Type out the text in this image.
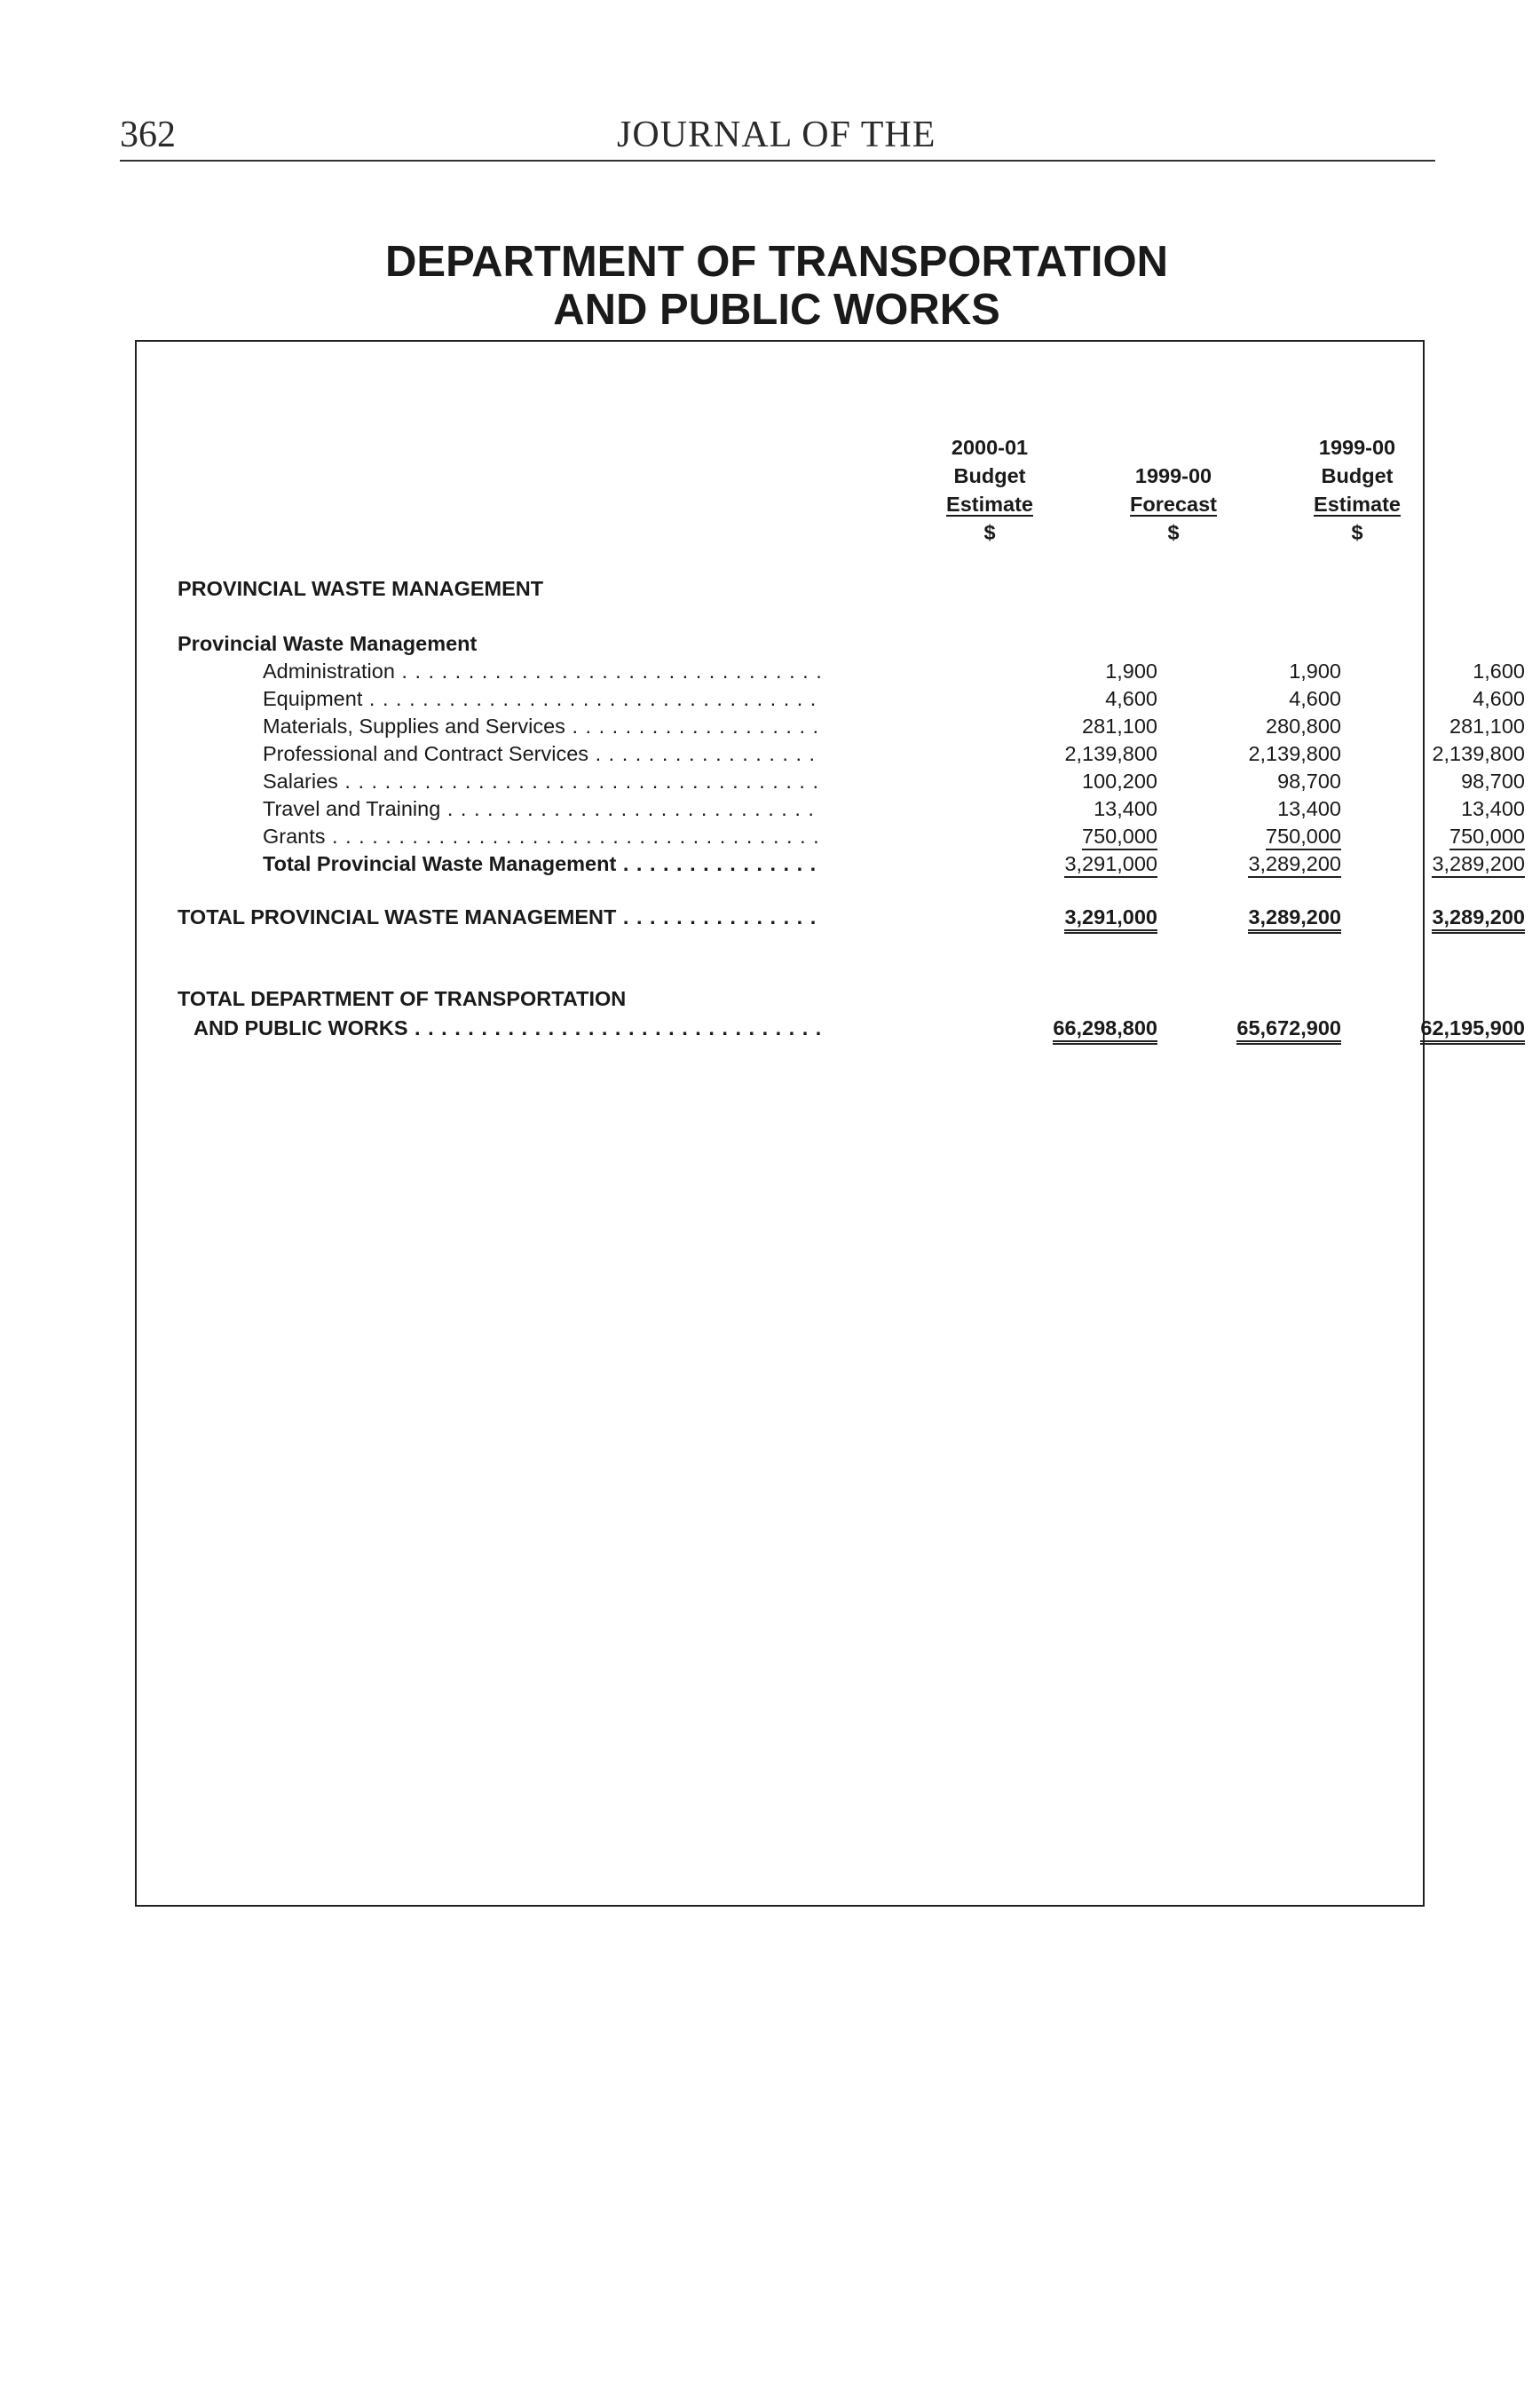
362	JOURNAL OF THE
DEPARTMENT OF TRANSPORTATION
AND PUBLIC WORKS
2000-01
Budget
Estimate
$
1999-00
Forecast
$
1999-00
Budget
Estimate
$
PROVINCIAL WASTE MANAGEMENT
Provincial Waste Management
Administration . . .	1,900	1,900	1,600
Equipment . . .	4,600	4,600	4,600
Materials, Supplies and Services . . .	281,100	280,800	281,100
Professional and Contract Services . . .	2,139,800	2,139,800	2,139,800
Salaries . . .	100,200	98,700	98,700
Travel and Training . . .	13,400	13,400	13,400
Grants . . .	750,000	750,000	750,000
Total Provincial Waste Management . . .	3,291,000	3,289,200	3,289,200
TOTAL PROVINCIAL WASTE MANAGEMENT . . .	3,291,000	3,289,200	3,289,200
TOTAL DEPARTMENT OF TRANSPORTATION
AND PUBLIC WORKS . . .	66,298,800	65,672,900	62,195,900
